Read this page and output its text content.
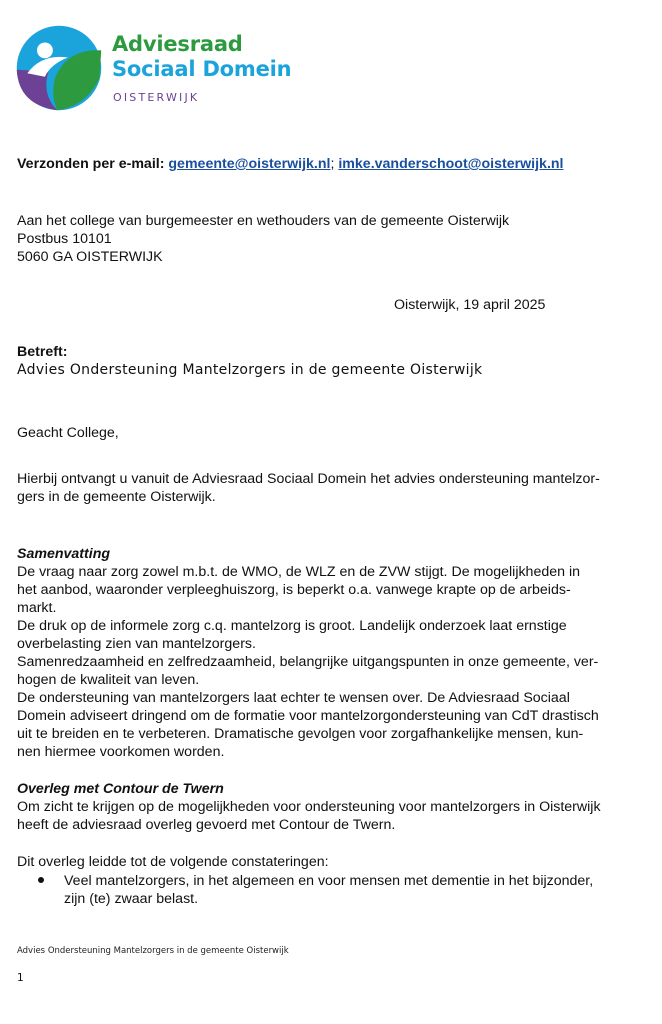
Adviesraad
Sociaal Domein
OISTERWIJK
Verzonden per e-mail: gemeente@oisterwijk.nl; imke.vanderschoot@oisterwijk.nl
Aan het college van burgemeester en wethouders van de gemeente Oisterwijk
Postbus 10101
5060 GA OISTERWIJK
Oisterwijk, 19 april 2025
Betreft:
Advies Ondersteuning Mantelzorgers in de gemeente Oisterwijk
Geacht College,
Hierbij ontvangt u vanuit de Adviesraad Sociaal Domein het advies ondersteuning mantelzor-
gers in de gemeente Oisterwijk.
Samenvatting
De vraag naar zorg zowel m.b.t. de WMO, de WLZ en de ZVW stijgt. De mogelijkheden in
het aanbod, waaronder verpleeghuiszorg, is beperkt o.a. vanwege krapte op de arbeids-
markt.
De druk op de informele zorg c.q. mantelzorg is groot. Landelijk onderzoek laat ernstige
overbelasting zien van mantelzorgers.
Samenredzaamheid en zelfredzaamheid, belangrijke uitgangspunten in onze gemeente, ver-
hogen de kwaliteit van leven.
De ondersteuning van mantelzorgers laat echter te wensen over. De Adviesraad Sociaal
Domein adviseert dringend om de formatie voor mantelzorgondersteuning van CdT drastisch
uit te breiden en te verbeteren. Dramatische gevolgen voor zorgafhankelijke mensen, kun-
nen hiermee voorkomen worden.
Overleg met Contour de Twern
Om zicht te krijgen op de mogelijkheden voor ondersteuning voor mantelzorgers in Oisterwijk
heeft de adviesraad overleg gevoerd met Contour de Twern.
Dit overleg leidde tot de volgende constateringen:
Veel mantelzorgers, in het algemeen en voor mensen met dementie in het bijzonder,
zijn (te) zwaar belast.
Advies Ondersteuning Mantelzorgers in de gemeente Oisterwijk
1
